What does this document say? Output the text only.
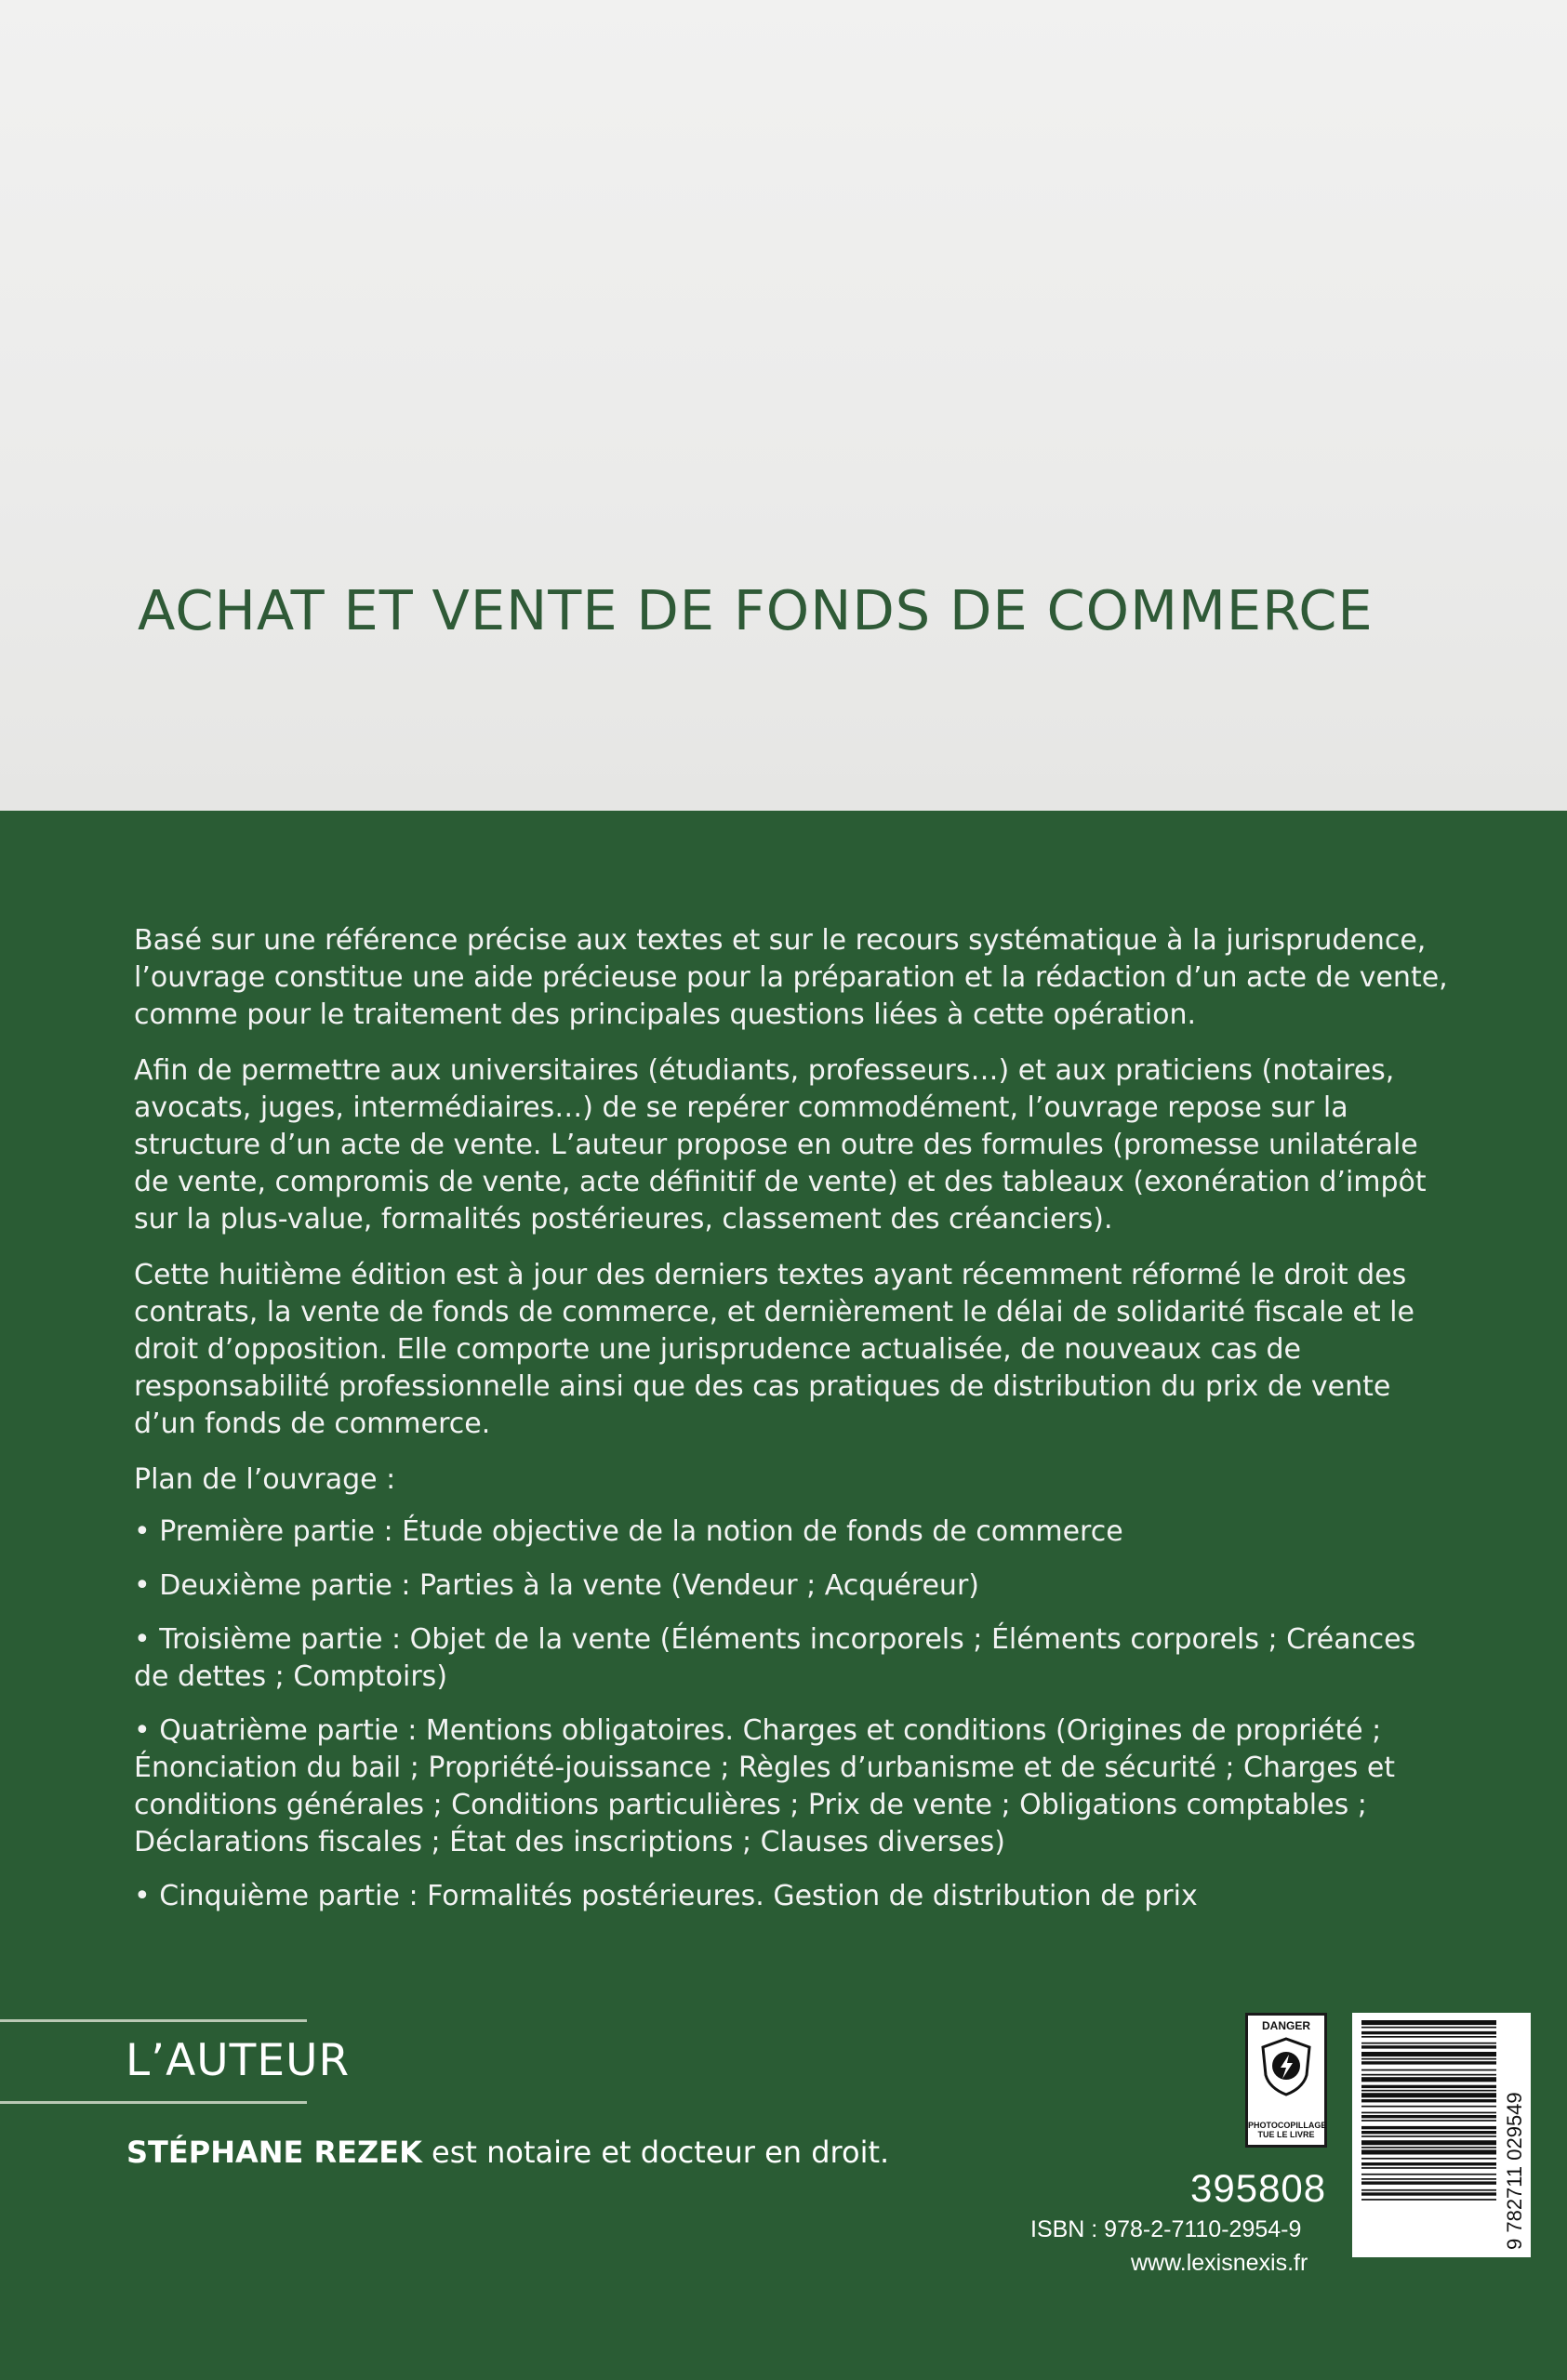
ACHAT ET VENTE DE FONDS DE COMMERCE

Basé sur une référence précise aux textes et sur le recours systématique à la jurisprudence, l’ouvrage constitue une aide précieuse pour la préparation et la rédaction d’un acte de vente, comme pour le traitement des principales questions liées à cette opération.

Afin de permettre aux universitaires (étudiants, professeurs…) et aux praticiens (notaires, avocats, juges, intermédiaires…) de se repérer commodément, l’ouvrage repose sur la structure d’un acte de vente. L’auteur propose en outre des formules (promesse unilatérale de vente, compromis de vente, acte définitif de vente) et des tableaux (exonération d’impôt sur la plus-value, formalités postérieures, classement des créanciers).

Cette huitième édition est à jour des derniers textes ayant récemment réformé le droit des contrats, la vente de fonds de commerce, et dernièrement le délai de solidarité fiscale et le droit d’opposition. Elle comporte une jurisprudence actualisée, de nouveaux cas de responsabilité professionnelle ainsi que des cas pratiques de distribution du prix de vente d’un fonds de commerce.

Plan de l’ouvrage :

• Première partie : Étude objective de la notion de fonds de commerce

• Deuxième partie : Parties à la vente (Vendeur ; Acquéreur)

• Troisième partie : Objet de la vente (Éléments incorporels ; Éléments corporels ; Créances de dettes ; Comptoirs)

• Quatrième partie : Mentions obligatoires. Charges et conditions (Origines de propriété ; Énonciation du bail ; Propriété-jouissance ; Règles d’urbanisme et de sécurité ; Charges et conditions générales ; Conditions particulières ; Prix de vente ; Obligations comptables ; Déclarations fiscales ; État des inscriptions ; Clauses diverses)

• Cinquième partie : Formalités postérieures. Gestion de distribution de prix

L’AUTEUR
STÉPHANE REZEK est notaire et docteur en droit.
DANGER
PHOTOCOPILLAGE
TUE LE LIVRE
395808	9 782711 029549
ISBN : 978-2-7110-2954-9
www.lexisnexis.fr
